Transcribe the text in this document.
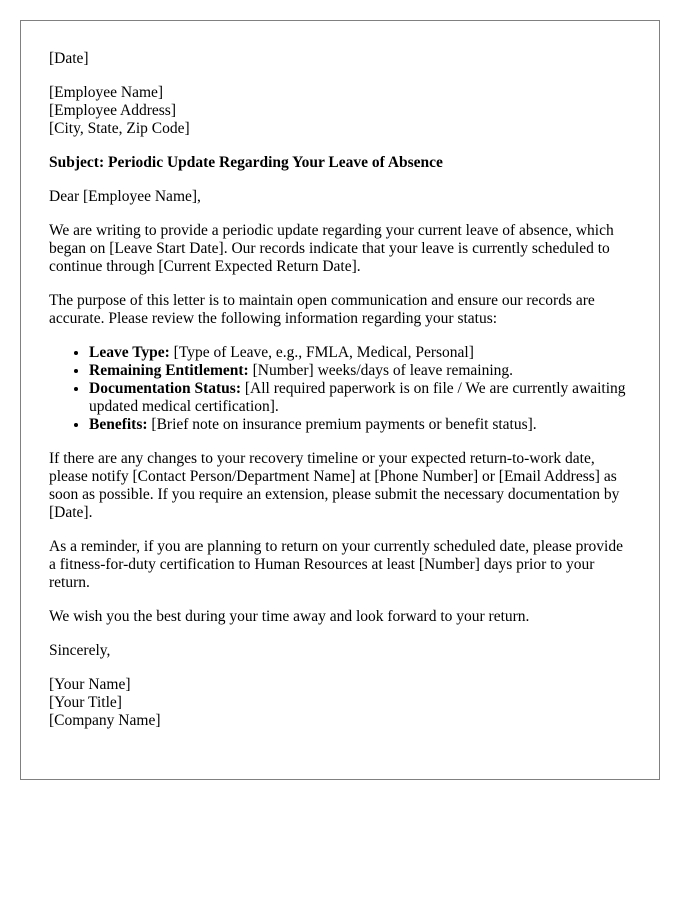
[Date]

[Employee Name]

[Employee Address]

[City, State, Zip Code]

Subject: Periodic Update Regarding Your Leave of Absence

Dear [Employee Name],

We are writing to provide a periodic update regarding your current leave of absence, which began on [Leave Start Date]. Our records indicate that your leave is currently scheduled to continue through [Current Expected Return Date].

The purpose of this letter is to maintain open communication and ensure our records are accurate. Please review the following information regarding your status:

• Leave Type: [Type of Leave, e.g., FMLA, Medical, Personal]
• Remaining Entitlement: [Number] weeks/days of leave remaining.
• Documentation Status: [All required paperwork is on file / We are currently awaiting updated medical certification].
• Benefits: [Brief note on insurance premium payments or benefit status].

If there are any changes to your recovery timeline or your expected return-to-work date, please notify [Contact Person/Department Name] at [Phone Number] or [Email Address] as soon as possible. If you require an extension, please submit the necessary documentation by [Date].

As a reminder, if you are planning to return on your currently scheduled date, please provide a fitness-for-duty certification to Human Resources at least [Number] days prior to your return.

We wish you the best during your time away and look forward to your return.

Sincerely,

[Your Name]

[Your Title]

[Company Name]
